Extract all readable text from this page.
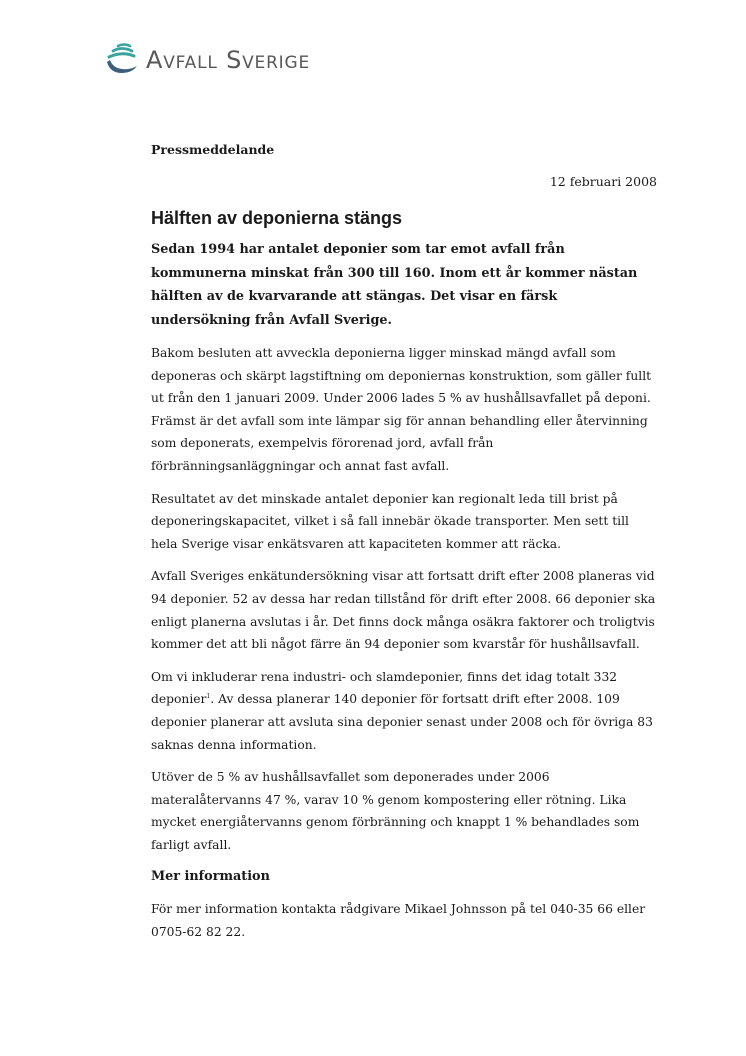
Avfall Sverige

Pressmeddelande

12 februari 2008
Hälften av deponierna stängs

Sedan 1994 har antalet deponier som tar emot avfall från kommunerna minskat från 300 till 160. Inom ett år kommer nästan hälften av de kvarvarande att stängas. Det visar en färsk undersökning från Avfall Sverige.

Bakom besluten att avveckla deponierna ligger minskad mängd avfall som deponeras och skärpt lagstiftning om deponiernas konstruktion, som gäller fullt ut från den 1 januari 2009. Under 2006 lades 5 % av hushållsavfallet på deponi. Främst är det avfall som inte lämpar sig för annan behandling eller återvinning som deponerats, exempelvis förorenad jord, avfall från förbränningsanläggningar och annat fast avfall.

Resultatet av det minskade antalet deponier kan regionalt leda till brist på deponeringskapacitet, vilket i så fall innebär ökade transporter. Men sett till hela Sverige visar enkätsvaren att kapaciteten kommer att räcka.

Avfall Sveriges enkätundersökning visar att fortsatt drift efter 2008 planeras vid 94 deponier. 52 av dessa har redan tillstånd för drift efter 2008. 66 deponier ska enligt planerna avslutas i år. Det finns dock många osäkra faktorer och troligtvis kommer det att bli något färre än 94 deponier som kvarstår för hushållsavfall.

Om vi inkluderar rena industri- och slamdeponier, finns det idag totalt 332 deponier$^1$. Av dessa planerar 140 deponier för fortsatt drift efter 2008. 109 deponier planerar att avsluta sina deponier senast under 2008 och för övriga 83 saknas denna information.

Utöver de 5 % av hushållsavfallet som deponerades under 2006 materalåtervanns 47 %, varav 10 % genom kompostering eller rötning. Lika mycket energiåtervanns genom förbränning och knappt 1 % behandlades som farligt avfall.

Mer information

För mer information kontakta rådgivare Mikael Johnsson på tel 040-35 66 eller 0705-62 82 22.
